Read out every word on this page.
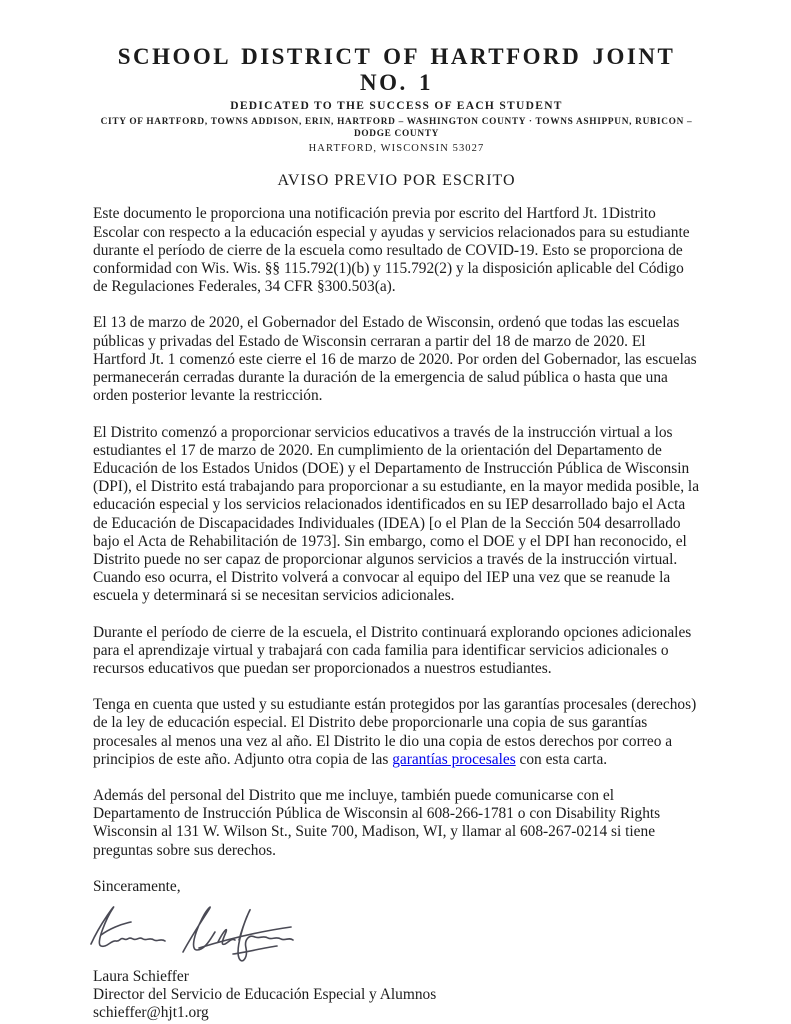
SCHOOL DISTRICT OF HARTFORD JOINT NO. 1
DEDICATED TO THE SUCCESS OF EACH STUDENT
CITY OF HARTFORD, TOWNS ADDISON, ERIN, HARTFORD – WASHINGTON COUNTY · TOWNS ASHIPPUN, RUBICON – DODGE COUNTY
HARTFORD, WISCONSIN 53027
AVISO PREVIO POR ESCRITO

Este documento le proporciona una notificación previa por escrito del Hartford Jt. 1Distrito Escolar con respecto a la educación especial y ayudas y servicios relacionados para su estudiante durante el período de cierre de la escuela como resultado de COVID-19. Esto se proporciona de conformidad con Wis. Wis. §§ 115.792(1)(b) y 115.792(2) y la disposición aplicable del Código de Regulaciones Federales, 34 CFR §300.503(a).

El 13 de marzo de 2020, el Gobernador del Estado de Wisconsin, ordenó que todas las escuelas públicas y privadas del Estado de Wisconsin cerraran a partir del 18 de marzo de 2020. El Hartford Jt. 1 comenzó este cierre el 16 de marzo de 2020. Por orden del Gobernador, las escuelas permanecerán cerradas durante la duración de la emergencia de salud pública o hasta que una orden posterior levante la restricción.

El Distrito comenzó a proporcionar servicios educativos a través de la instrucción virtual a los estudiantes el 17 de marzo de 2020. En cumplimiento de la orientación del Departamento de Educación de los Estados Unidos (DOE) y el Departamento de Instrucción Pública de Wisconsin (DPI), el Distrito está trabajando para proporcionar a su estudiante, en la mayor medida posible, la educación especial y los servicios relacionados identificados en su IEP desarrollado bajo el Acta de Educación de Discapacidades Individuales (IDEA) [o el Plan de la Sección 504 desarrollado bajo el Acta de Rehabilitación de 1973]. Sin embargo, como el DOE y el DPI han reconocido, el Distrito puede no ser capaz de proporcionar algunos servicios a través de la instrucción virtual. Cuando eso ocurra, el Distrito volverá a convocar al equipo del IEP una vez que se reanude la escuela y determinará si se necesitan servicios adicionales.

Durante el período de cierre de la escuela, el Distrito continuará explorando opciones adicionales para el aprendizaje virtual y trabajará con cada familia para identificar servicios adicionales o recursos educativos que puedan ser proporcionados a nuestros estudiantes.

Tenga en cuenta que usted y su estudiante están protegidos por las garantías procesales (derechos) de la ley de educación especial. El Distrito debe proporcionarle una copia de sus garantías procesales al menos una vez al año. El Distrito le dio una copia de estos derechos por correo a principios de este año. Adjunto otra copia de las garantías procesales con esta carta.

Además del personal del Distrito que me incluye, también puede comunicarse con el Departamento de Instrucción Pública de Wisconsin al 608-266-1781 o con Disability Rights Wisconsin al 131 W. Wilson St., Suite 700, Madison, WI, y llamar al 608-267-0214 si tiene preguntas sobre sus derechos.

Sinceramente,

Laura Schieffer
Director del Servicio de Educación Especial y Alumnos
schieffer@hjt1.org
